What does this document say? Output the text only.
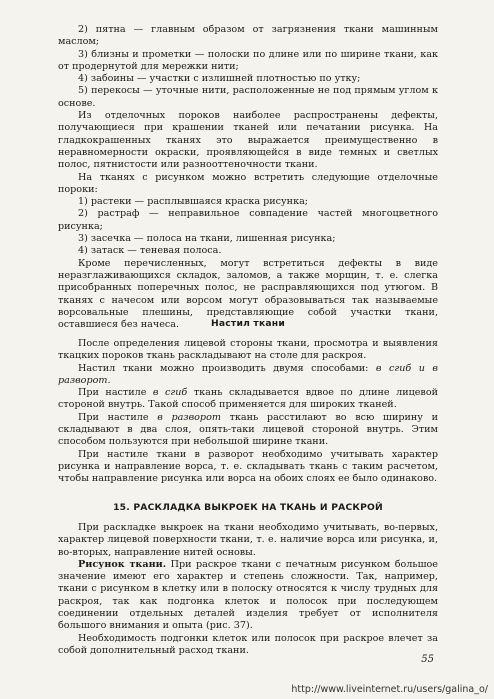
2) пятна — главным образом от загрязнения ткани машинным маслом;

3) близны и прометки — полоски по длине или по ширине ткани, как от продернутой для мережки нити;

4) забоины — участки с излишней плотностью по утку;

5) перекосы — уточные нити, расположенные не под прямым углом к основе.

Из отделочных пороков наиболее распространены дефекты, получающиеся при крашении тканей или печатании рисунка. На гладкокрашенных тканях это выражается преимущественно в неравномерности окраски, проявляющейся в виде темных и светлых полос, пятнистости или разнооттеночности ткани.

На тканях с рисунком можно встретить следующие отделочные пороки:

1) растеки — расплывшаяся краска рисунка;

2) растраф — неправильное совпадение частей многоцветного рисунка;

3) засечка — полоса на ткани, лишенная рисунка;

4) затаск — теневая полоса.

Кроме перечисленных, могут встретиться дефекты в виде неразглаживающихся складок, заломов, а также морщин, т. е. слегка присобранных поперечных полос, не расправляющихся под утюгом. В тканях с начесом или ворсом могут образовываться так называемые ворсовальные плешины, представляющие собой участки ткани, оставшиеся без начеса.	Настил ткани

После определения лицевой стороны ткани, просмотра и выявления ткацких пороков ткань раскладывают на столе для раскроя.

Настил ткани можно производить двумя способами: в сгиб и в разворот.

При настиле в сгиб ткань складывается вдвое по длине лицевой стороной внутрь. Такой способ применяется для широких тканей.

При настиле в разворот ткань расстилают во всю ширину и складывают в два слоя, опять-таки лицевой стороной внутрь. Этим способом пользуются при небольшой ширине ткани.

При настиле ткани в разворот необходимо учитывать характер рисунка и направление ворса, т. е. складывать ткань с таким расчетом, чтобы направление рисунка или ворса на обоих слоях ее было одинаково.

15. РАСКЛАДКА ВЫКРОЕК НА ТКАНЬ И РАСКРОЙ

При раскладке выкроек на ткани необходимо учитывать, во-первых, характер лицевой поверхности ткани, т. е. наличие ворса или рисунка, и, во-вторых, направление нитей основы.

Рисунок ткани. При раскрое ткани с печатным рисунком большое значение имеют его характер и степень сложности. Так, например, ткани с рисунком в клетку или в полоску относятся к числу трудных для раскроя, так как подгонка клеток и полосок при последующем соединении отдельных деталей изделия требует от исполнителя большого внимания и опыта (рис. 37).

Необходимость подгонки клеток или полосок при раскрое влечет за собой дополнительный расход ткани.

55
http://www.liveinternet.ru/users/galina_o/
